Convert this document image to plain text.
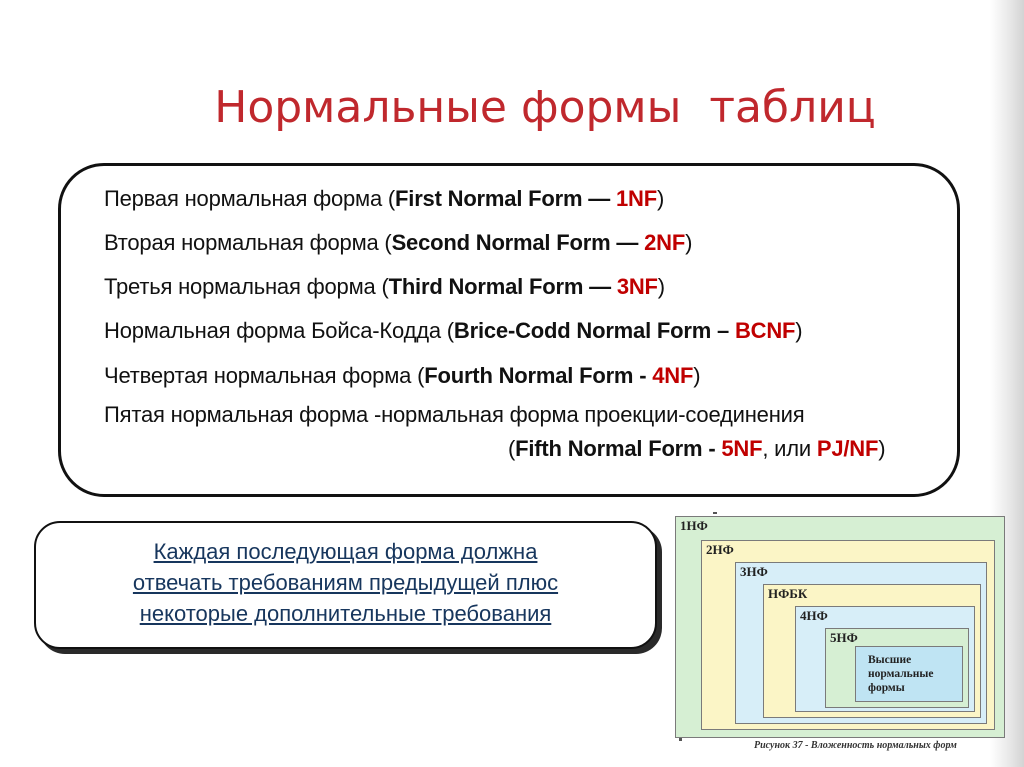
Нормальные формы  таблиц
Первая нормальная форма (First Normal Form — 1NF)
Вторая нормальная форма (Second Normal Form — 2NF)
Третья нормальная форма (Third Normal Form — 3NF)
Нормальная форма Бойса-Кодда (Brice-Codd Normal Form – BCNF)
Четвертая нормальная форма (Fourth Normal Form - 4NF)
Пятая нормальная форма -нормальная форма проекции-соединения
(Fifth Normal Form - 5NF, или PJ/NF)
Каждая последующая форма должна
отвечать требованиям предыдущей плюс
некоторые дополнительные требования
1НФ
2НФ
3НФ
НФБК
4НФ
5НФ
Высшие
нормальные
формы
Рисунок 37 - Вложенность нормальных форм
